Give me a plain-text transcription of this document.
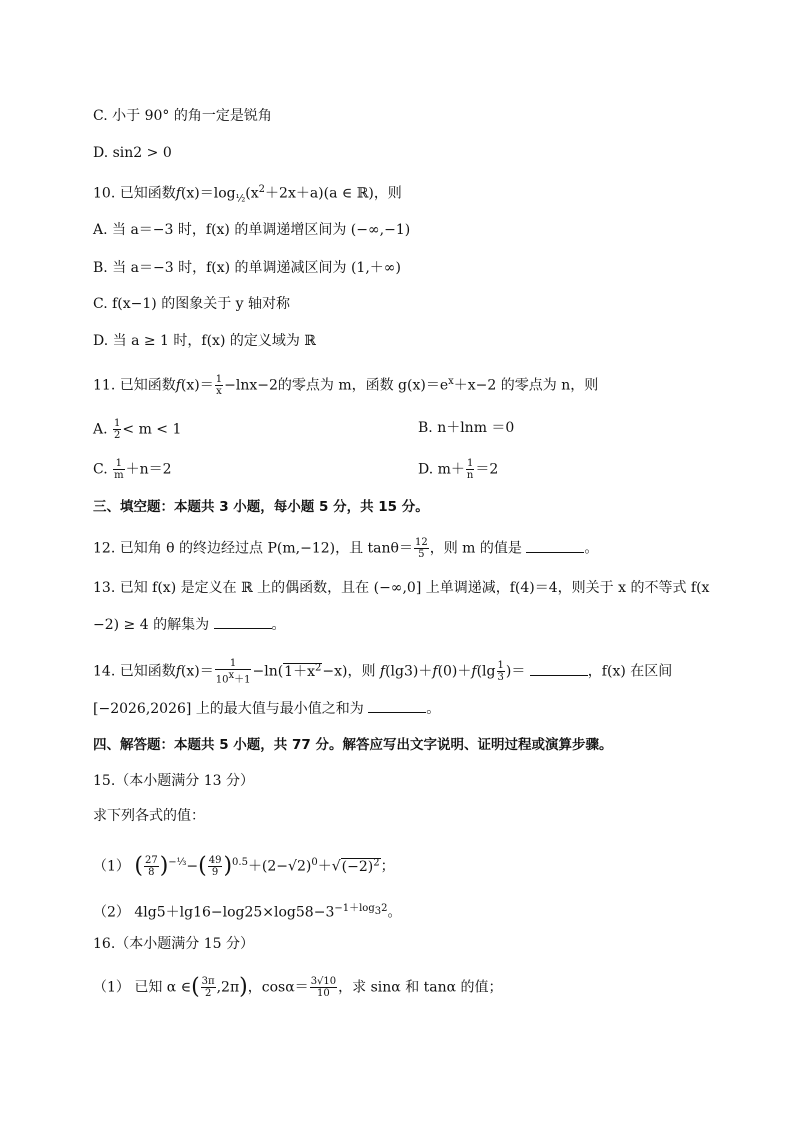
C. 小于 90° 的角一定是锐角
D. sin2 > 0
10. 已知函数$f(x)=\log_{\frac{1}{2}}(x^2+2x+a)(a$ ∈ ℝ)，则
A. 当 a＝−3 时，f(x) 的单调递增区间为 (−∞,−1)
B. 当 a＝−3 时，f(x) 的单调递减区间为 (1,＋∞)
C. f(x−1) 的图象关于 y 轴对称
D. 当 a ≥ 1 时，f(x) 的定义域为 ℝ
11. 已知函数$f(x)= \frac{1}{x} -\ln x-2$的零点为 m，函数 $g(x)=e^x+x-2$ 的零点为 n，则
A. $\frac{1}{2} < m < 1$	B. n＋lnm ＝0
C. $\frac{1}{m} +n=2$	D. $m+ \frac{1}{n} =2$
三、填空题：本题共 3 小题，每小题 5 分，共 15 分。
12. 已知角 θ 的终边经过点 P(m,−12)，且 $\tan\theta= \frac{12}{5}$ ，则 m 的值是	。
13. 已知 f(x) 是定义在 ℝ 上的偶函数，且在 (−∞,0] 上单调递减，f(4)＝4，则关于 x 的不等式 f(x
−2) ≥ 4 的解集为	。
14. 已知函数$f(x)= \frac{1}{10^x+1} -\ln(1+x^2-x)$，则 $f(\lg 3)+f(0)+f(\lg \frac{1}{3}$ )＝	，f(x) 在区间
[−2026,2026] 上的最大值与最小值之和为	。
四、解答题：本题共 5 小题，共 77 分。解答应写出文字说明、证明过程或演算步骤。
15.（本小题满分 13 分）
求下列各式的值：
（1） ( $\frac{27}{8} )^{-\frac{1}{3}}-( \frac{49}{9} )^{0.5}+(2-√2)^0+√(-2)^2$；
（2） $4\lg 5+\lg 16-\log 25\times\log 58-3^{-1+log_32}$。
16.（本小题满分 15 分）
（1） 已知 α ∈( $\frac{3\pi}{2} ,2\pi$)，$\cos\alpha= \frac{3√10}{10}$ ，求 sinα 和 tanα 的值；
